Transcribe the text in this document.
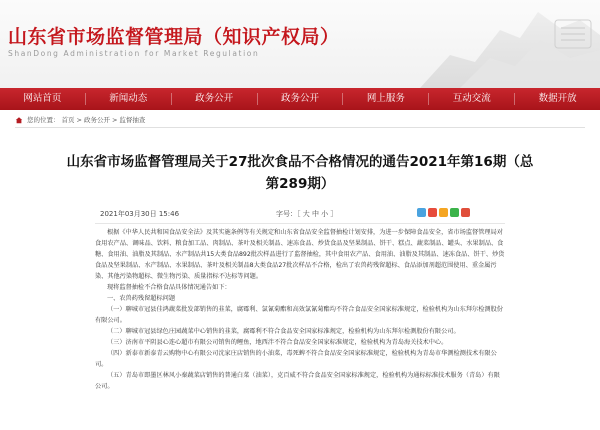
山东省市场监督管理局（知识产权局）
ShanDong Administration for Market Regulation
网站首页	新闻动态	政务公开	政务公开	网上服务	互动交流	数据开放
您的位置： 首页 > 政务公开 > 监督抽查
山东省市场监督管理局关于27批次食品不合格情况的通告2021年第16期（总第289期）
2021年03月30日 15:46	字号：［ 大 中 小 ］

根据《中华人民共和国食品安全法》及其实施条例等有关规定和山东省食品安全监督抽检计划安排，为进一步保障食品安全，省市场监督管理局对食用农产品、调味品、饮料、粮食加工品、肉制品、茶叶及相关制品、速冻食品、炒货食品及坚果制品、饼干、糕点、蔬菜制品、罐头、水果制品、食糖、食用油、油脂及其制品、水产制品共15大类食品892批次样品进行了监督抽检，其中食用农产品、食用油、油脂及其制品、速冻食品、饼干、炒货食品及坚果制品、水产制品、水果制品、茶叶及相关制品8大类食品27批次样品不合格，检出了农兽药残留超标、食品添加剂超范围使用、重金属污染、其他污染物超标、微生物污染、质量指标不达标等问题。

现将监督抽检不合格食品具体情况通告如下：

一、农兽药残留超标问题

（一）聊城市冠县佳鸿蔬菜批发部销售的韭菜，腐霉利、氯氰菊酯和高效氯氰菊酯均不符合食品安全国家标准规定，检验机构为山东拜尔检测股份有限公司。

（二）聊城市冠县绿色庄园蔬菜中心销售的韭菜，腐霉利不符合食品安全国家标准规定，检验机构为山东拜尔检测股份有限公司。

（三）济南市平阴县心连心超市有限公司销售的鲤鱼，地西泮不符合食品安全国家标准规定，检验机构为青岛海关技术中心。

（四）新泰市新泰青云购物中心有限公司沈家庄店销售的小油菜，毒死蜱不符合食品安全国家标准规定，检验机构为青岛市华测检测技术有限公司。

（五）青岛市即墨区林风小秦蔬菜店销售的普通白菜（油菜），克百威不符合食品安全国家标准规定，检验机构为通标标准技术服务（青岛）有限公司。
